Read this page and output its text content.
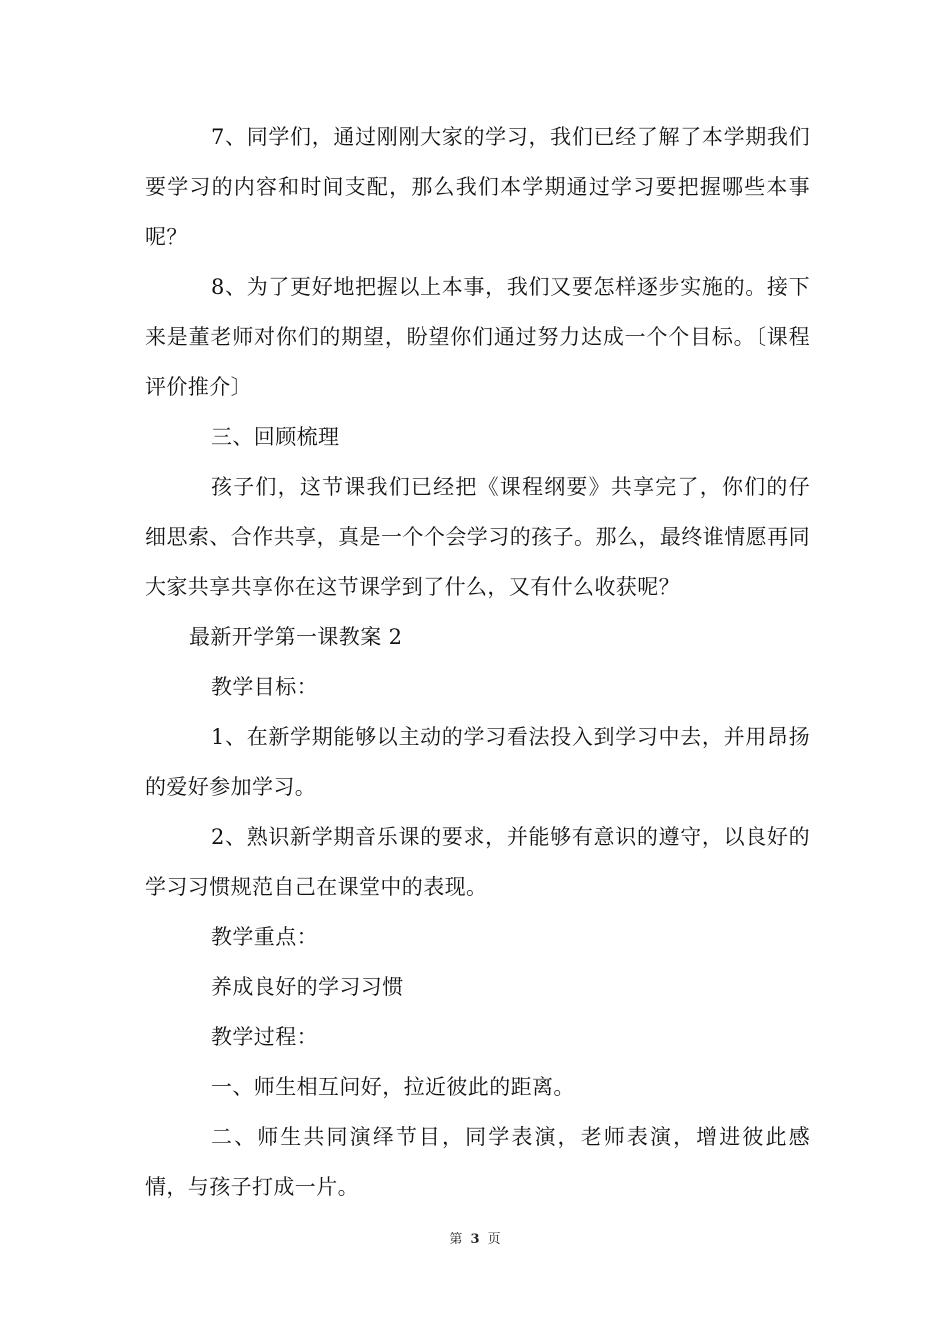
7、同学们，通过刚刚大家的学习，我们已经了解了本学期我们要学习的内容和时间支配，那么我们本学期通过学习要把握哪些本事呢？

8、为了更好地把握以上本事，我们又要怎样逐步实施的。接下来是董老师对你们的期望，盼望你们通过努力达成一个个目标。〔课程评价推介〕

三、回顾梳理

孩子们，这节课我们已经把《课程纲要》共享完了，你们的仔细思索、合作共享，真是一个个会学习的孩子。那么，最终谁情愿再同大家共享共享你在这节课学到了什么，又有什么收获呢？

最新开学第一课教案 2

教学目标：

1、在新学期能够以主动的学习看法投入到学习中去，并用昂扬的爱好参加学习。

2、熟识新学期音乐课的要求，并能够有意识的遵守，以良好的学习习惯规范自己在课堂中的表现。

教学重点：

养成良好的学习习惯

教学过程：

一、师生相互问好，拉近彼此的距离。

二、师生共同演绎节目，同学表演，老师表演，增进彼此感情，与孩子打成一片。

第 3 页
